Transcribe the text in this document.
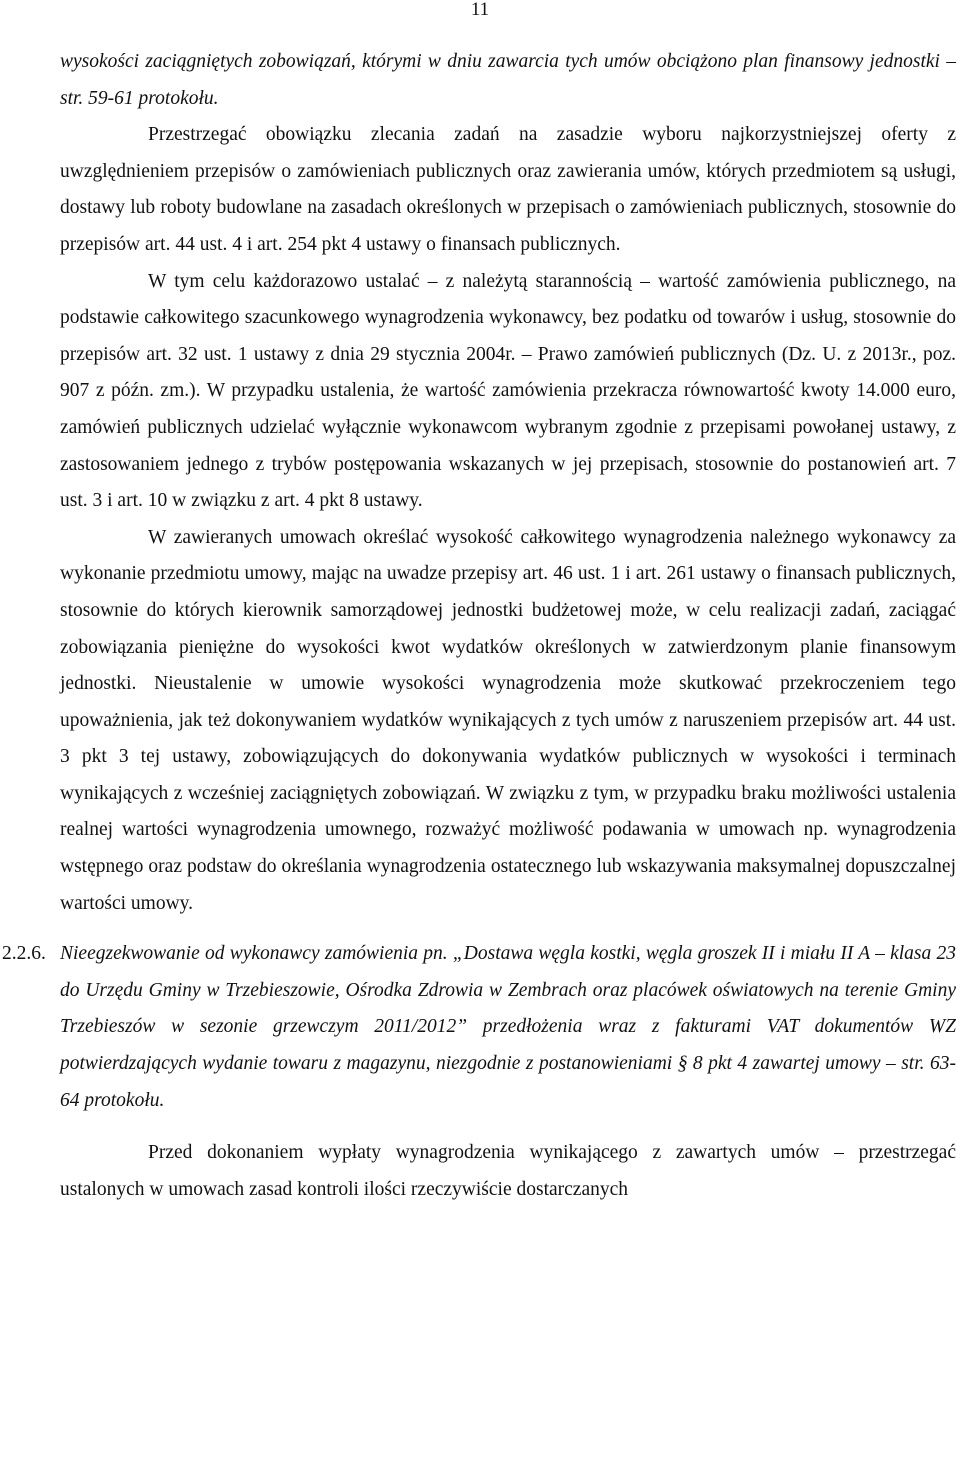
11

wysokości zaciągniętych zobowiązań, którymi w dniu zawarcia tych umów obciążono plan finansowy jednostki – str. 59-61 protokołu.

Przestrzegać obowiązku zlecania zadań na zasadzie wyboru najkorzystniejszej oferty z uwzględnieniem przepisów o zamówieniach publicznych oraz zawierania umów, których przedmiotem są usługi, dostawy lub roboty budowlane na zasadach określonych w przepisach o zamówieniach publicznych, stosownie do przepisów art. 44 ust. 4 i art. 254 pkt 4 ustawy o finansach publicznych.

W tym celu każdorazowo ustalać – z należytą starannością – wartość zamówienia publicznego, na podstawie całkowitego szacunkowego wynagrodzenia wykonawcy, bez podatku od towarów i usług, stosownie do przepisów art. 32 ust. 1 ustawy z dnia 29 stycznia 2004r. – Prawo zamówień publicznych (Dz. U. z 2013r., poz. 907 z późn. zm.). W przypadku ustalenia, że wartość zamówienia przekracza równowartość kwoty 14.000 euro, zamówień publicznych udzielać wyłącznie wykonawcom wybranym zgodnie z przepisami powołanej ustawy, z zastosowaniem jednego z trybów postępowania wskazanych w jej przepisach, stosownie do postanowień art. 7 ust. 3 i art. 10 w związku z art. 4 pkt 8 ustawy.

W zawieranych umowach określać wysokość całkowitego wynagrodzenia należnego wykonawcy za wykonanie przedmiotu umowy, mając na uwadze przepisy art. 46 ust. 1 i art. 261 ustawy o finansach publicznych, stosownie do których kierownik samorządowej jednostki budżetowej może, w celu realizacji zadań, zaciągać zobowiązania pieniężne do wysokości kwot wydatków określonych w zatwierdzonym planie finansowym jednostki. Nieustalenie w umowie wysokości wynagrodzenia może skutkować przekroczeniem tego upoważnienia, jak też dokonywaniem wydatków wynikających z tych umów z naruszeniem przepisów art. 44 ust. 3 pkt 3 tej ustawy, zobowiązujących do dokonywania wydatków publicznych w wysokości i terminach wynikających z wcześniej zaciągniętych zobowiązań. W związku z tym, w przypadku braku możliwości ustalenia realnej wartości wynagrodzenia umownego, rozważyć możliwość podawania w umowach np. wynagrodzenia wstępnego oraz podstaw do określania wynagrodzenia ostatecznego lub wskazywania maksymalnej dopuszczalnej wartości umowy.

2.2.6. Nieegzekwowanie od wykonawcy zamówienia pn. „Dostawa węgla kostki, węgla groszek II i miału II A – klasa 23 do Urzędu Gminy w Trzebieszowie, Ośrodka Zdrowia w Zembrach oraz placówek oświatowych na terenie Gminy Trzebieszów w sezonie grzewczym 2011/2012” przedłożenia wraz z fakturami VAT dokumentów WZ potwierdzających wydanie towaru z magazynu, niezgodnie z postanowieniami § 8 pkt 4 zawartej umowy – str. 63-64 protokołu.

Przed dokonaniem wypłaty wynagrodzenia wynikającego z zawartych umów – przestrzegać ustalonych w umowach zasad kontroli ilości rzeczywiście dostarczanych
